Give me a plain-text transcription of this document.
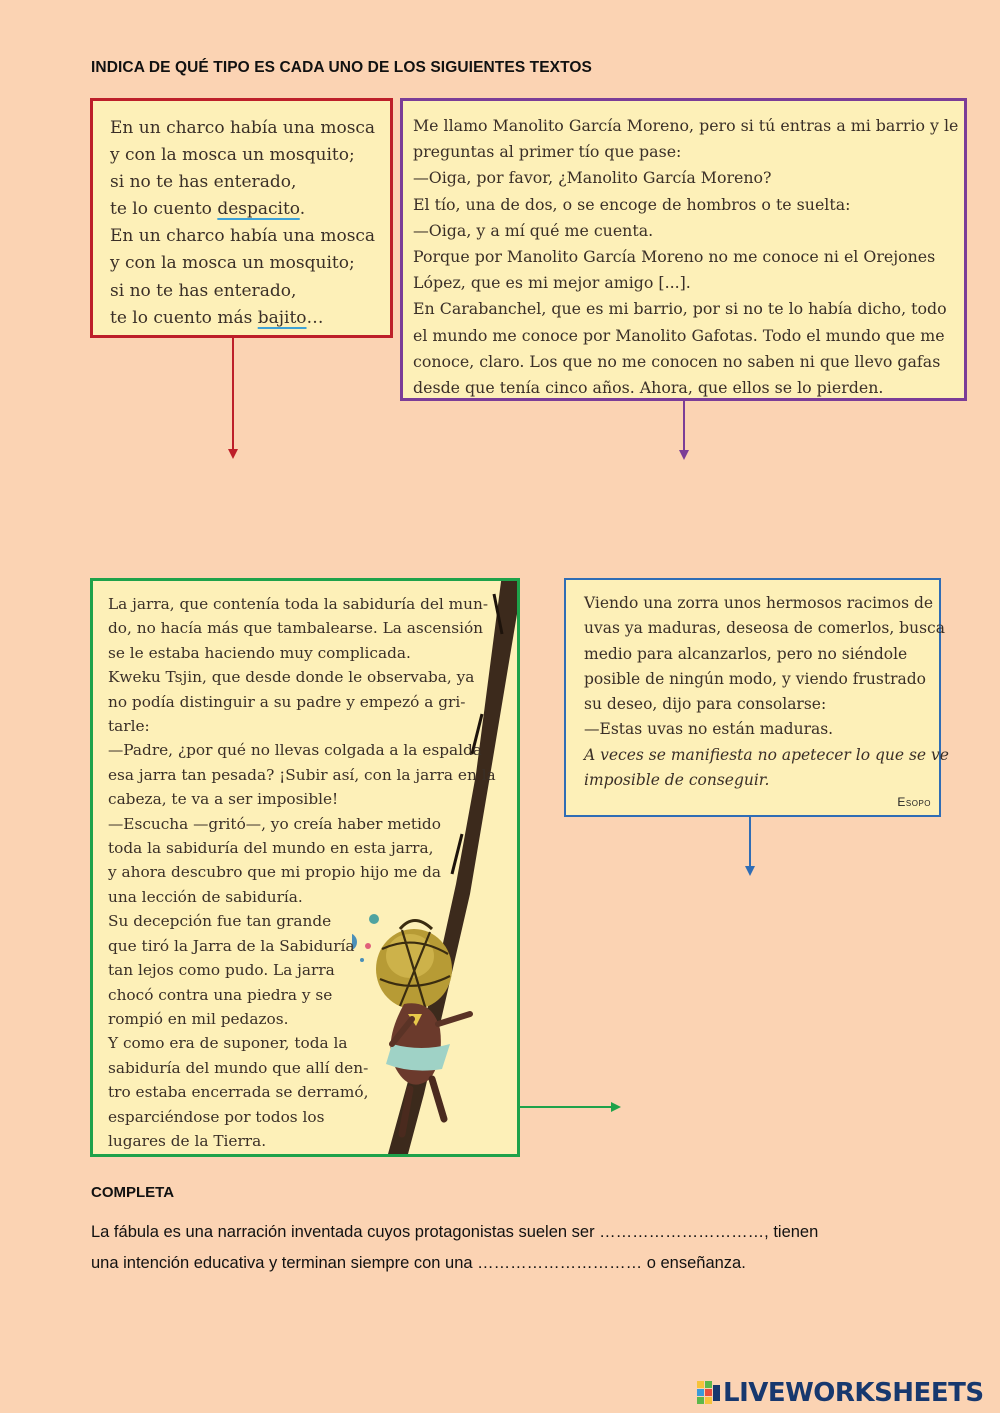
INDICA DE QUÉ TIPO ES CADA UNO DE LOS SIGUIENTES TEXTOS

En un charco había una mosca

y con la mosca un mosquito;

si no te has enterado,

te lo cuento despacito.

En un charco había una mosca

y con la mosca un mosquito;

si no te has enterado,

te lo cuento más bajito…

Me llamo Manolito García Moreno, pero si tú entras a mi barrio y le

preguntas al primer tío que pase:

—Oiga, por favor, ¿Manolito García Moreno?

El tío, una de dos, o se encoge de hombros o te suelta:

—Oiga, y a mí qué me cuenta.

Porque por Manolito García Moreno no me conoce ni el Orejones

López, que es mi mejor amigo [...].

En Carabanchel, que es mi barrio, por si no te lo había dicho, todo

el mundo me conoce por Manolito Gafotas. Todo el mundo que me

conoce, claro. Los que no me conocen no saben ni que llevo gafas

desde que tenía cinco años. Ahora, que ellos se lo pierden.

La jarra, que contenía toda la sabiduría del mun-

do, no hacía más que tambalearse. La ascensión

se le estaba haciendo muy complicada.

Kweku Tsjin, que desde donde le observaba, ya

no podía distinguir a su padre y empezó a gri-

tarle:

—Padre, ¿por qué no llevas colgada a la espalda

esa jarra tan pesada? ¡Subir así, con la jarra en la

cabeza, te va a ser imposible!

—Escucha —gritó—, yo creía haber metido

toda la sabiduría del mundo en esta jarra,

y ahora descubro que mi propio hijo me da

una lección de sabiduría.

Su decepción fue tan grande

que tiró la Jarra de la Sabiduría

tan lejos como pudo. La jarra

chocó contra una piedra y se

rompió en mil pedazos.

Y como era de suponer, toda la

sabiduría del mundo que allí den-

tro estaba encerrada se derramó,

esparciéndose por todos los

lugares de la Tierra.

Viendo una zorra unos hermosos racimos de

uvas ya maduras, deseosa de comerlos, busca

medio para alcanzarlos, pero no siéndole

posible de ningún modo, y viendo frustrado

su deseo, dijo para consolarse:

—Estas uvas no están maduras.

A veces se manifiesta no apetecer lo que se ve

imposible de conseguir.

Esopo
COMPLETA
La fábula es una narración inventada cuyos protagonistas suelen ser …………………………, tienen
una intención educativa y terminan siempre con una ………………………… o enseñanza.
LIVEWORKSHEETS
